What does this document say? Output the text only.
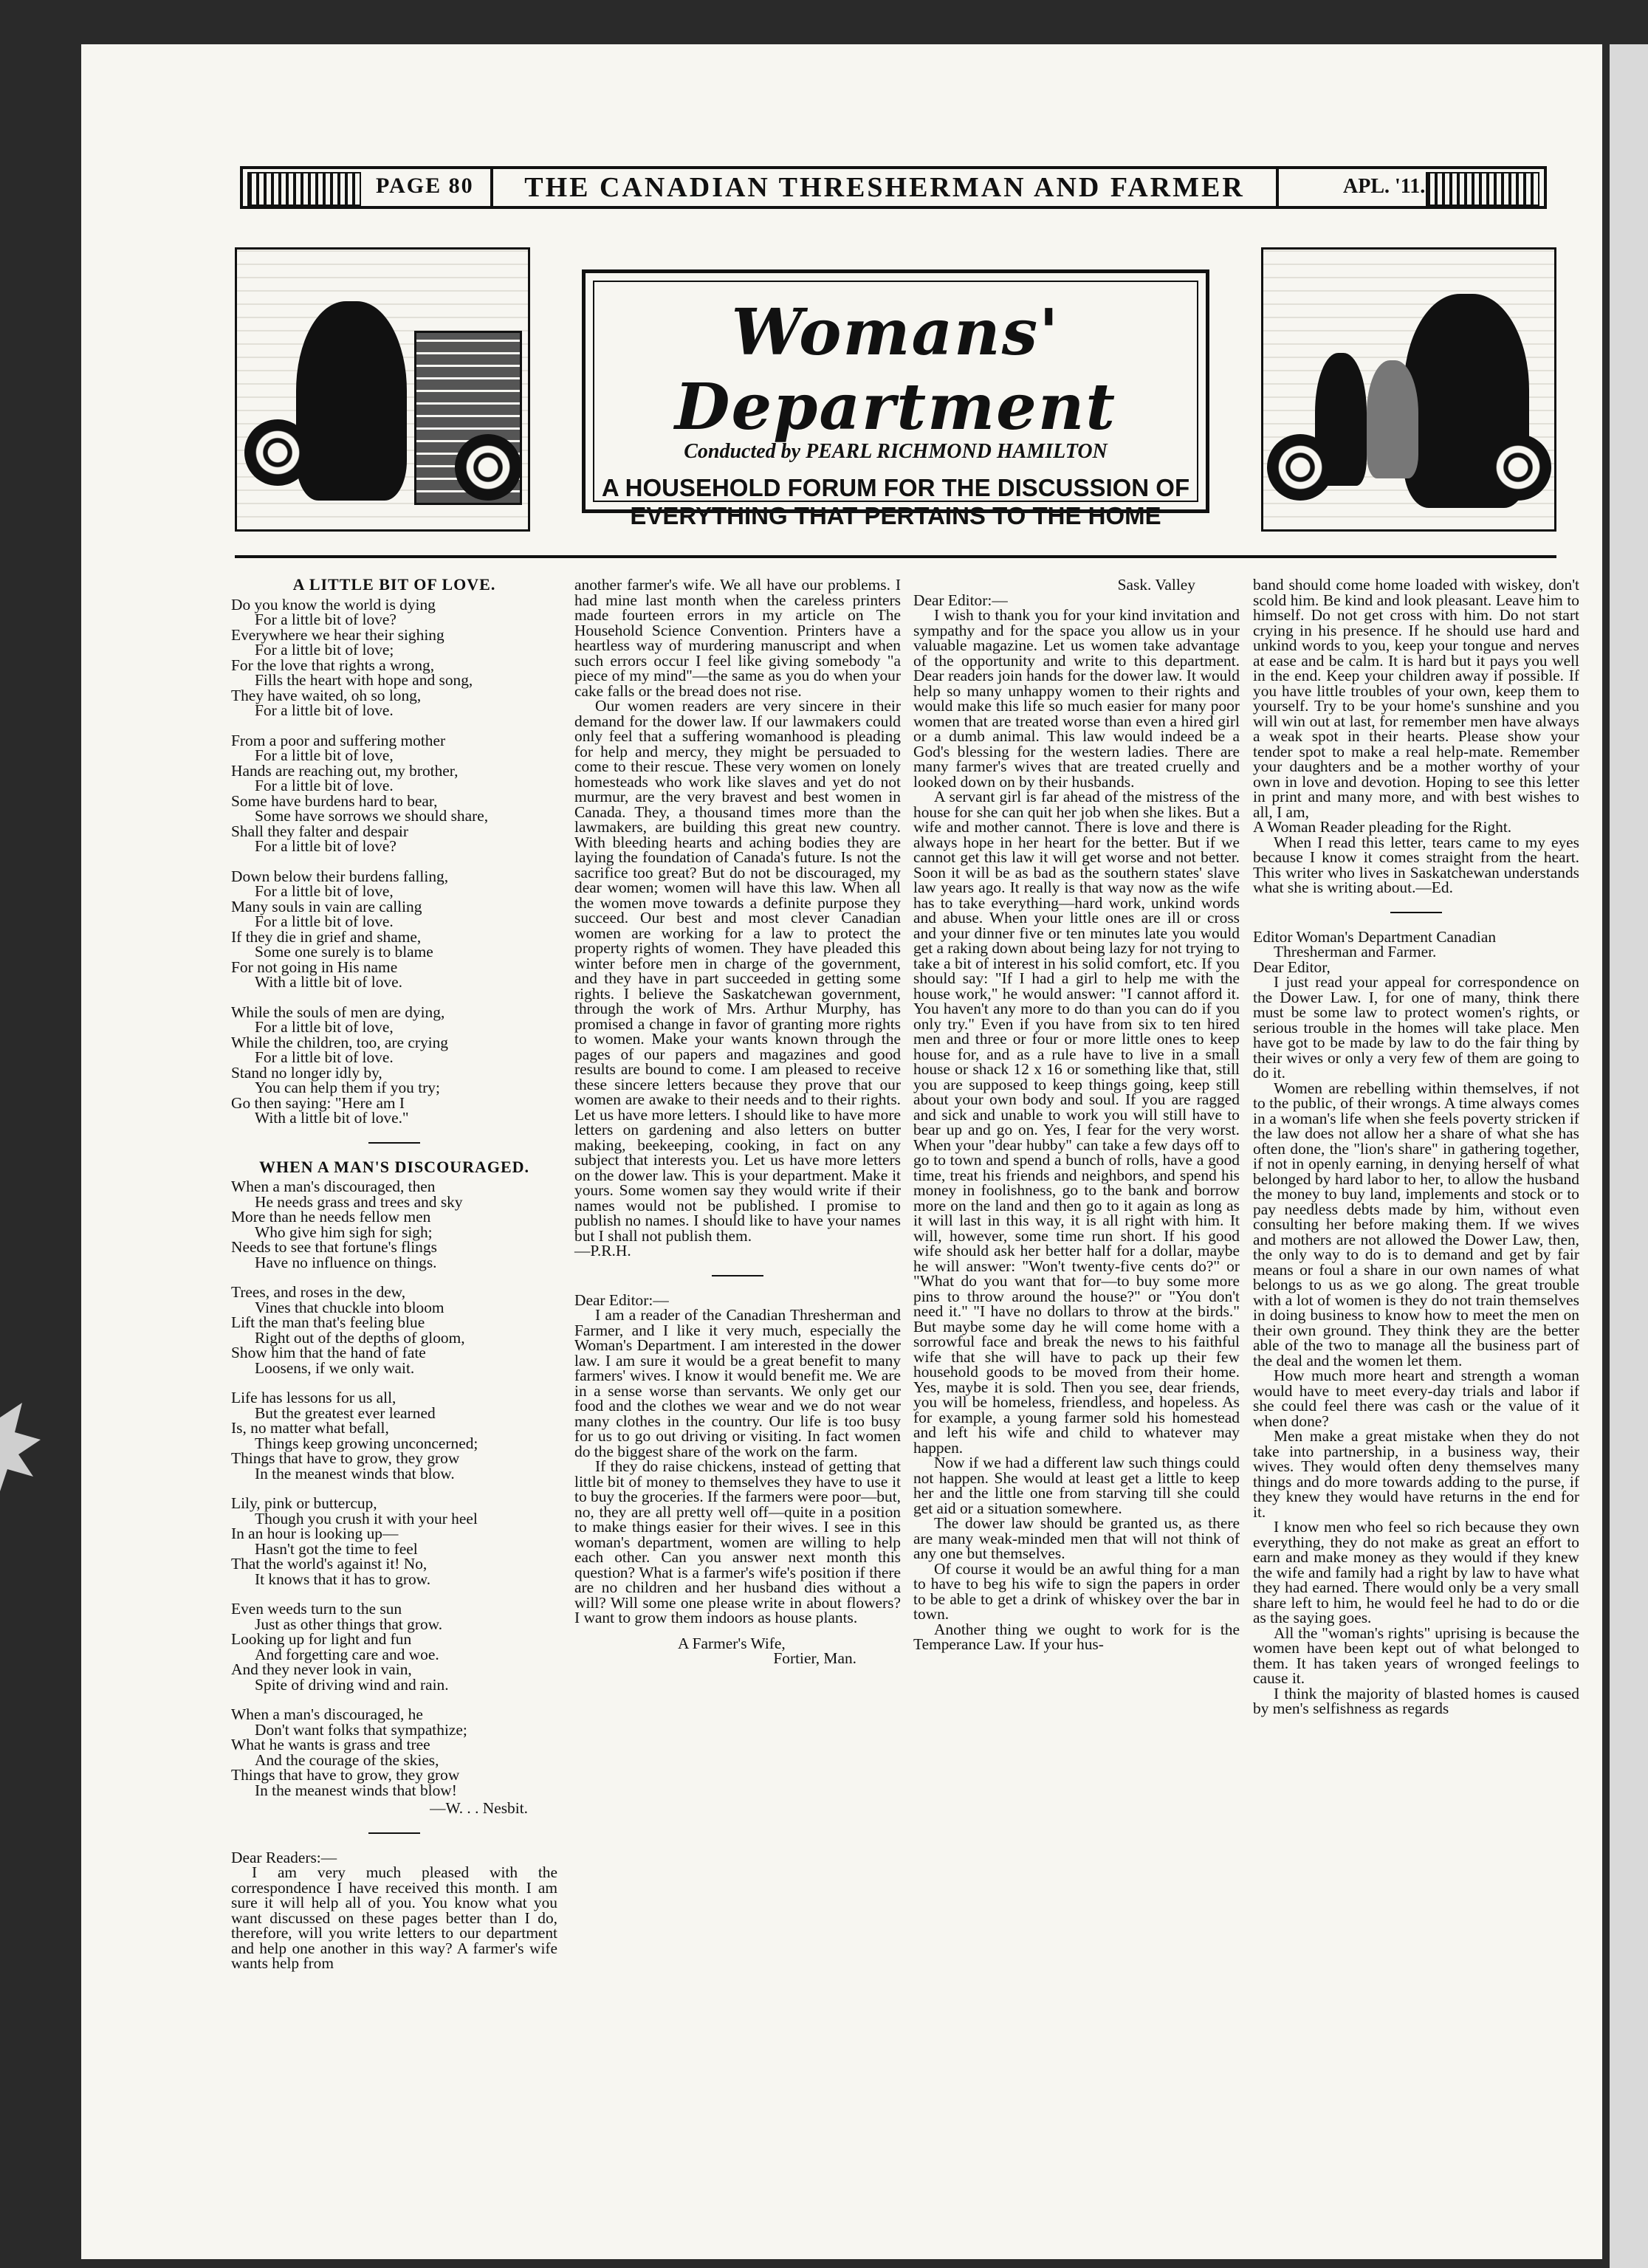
PAGE 80	THE CANADIAN THRESHERMAN AND FARMER	APL. '11.
Womans' Department
Conducted by PEARL RICHMOND HAMILTON
A HOUSEHOLD FORUM FOR THE DISCUSSION OF
EVERYTHING THAT PERTAINS TO THE HOME
A LITTLE BIT OF LOVE.
Do you know the world is dying
For a little bit of love?
Everywhere we hear their sighing
For a little bit of love;
For the love that rights a wrong,
Fills the heart with hope and song,
They have waited, oh so long,
For a little bit of love.
From a poor and suffering mother
For a little bit of love,
Hands are reaching out, my brother,
For a little bit of love.
Some have burdens hard to bear,
Some have sorrows we should share,
Shall they falter and despair
For a little bit of love?
Down below their burdens falling,
For a little bit of love,
Many souls in vain are calling
For a little bit of love.
If they die in grief and shame,
Some one surely is to blame
For not going in His name
With a little bit of love.
While the souls of men are dying,
For a little bit of love,
While the children, too, are crying
For a little bit of love.
Stand no longer idly by,
You can help them if you try;
Go then saying: "Here am I
With a little bit of love."
WHEN A MAN'S DISCOURAGED.
When a man's discouraged, then
He needs grass and trees and sky
More than he needs fellow men
Who give him sigh for sigh;
Needs to see that fortune's flings
Have no influence on things.
Trees, and roses in the dew,
Vines that chuckle into bloom
Lift the man that's feeling blue
Right out of the depths of gloom,
Show him that the hand of fate
Loosens, if we only wait.
Life has lessons for us all,
But the greatest ever learned
Is, no matter what befall,
Things keep growing unconcerned;
Things that have to grow, they grow
In the meanest winds that blow.
Lily, pink or buttercup,
Though you crush it with your heel
In an hour is looking up—
Hasn't got the time to feel
That the world's against it! No,
It knows that it has to grow.
Even weeds turn to the sun
Just as other things that grow.
Looking up for light and fun
And forgetting care and woe.
And they never look in vain,
Spite of driving wind and rain.
When a man's discouraged, he
Don't want folks that sympathize;
What he wants is grass and tree
And the courage of the skies,
Things that have to grow, they grow
In the meanest winds that blow!
—W. . . Nesbit.

Dear Readers:—

I am very much pleased with the correspondence I have received this month. I am sure it will help all of you. You know what you want discussed on these pages better than I do, therefore, will you write letters to our department and help one another in this way? A farmer's wife wants help from

another farmer's wife. We all have our problems. I had mine last month when the careless printers made fourteen errors in my article on The Household Science Convention. Printers have a heartless way of murdering manuscript and when such errors occur I feel like giving somebody "a piece of my mind"—the same as you do when your cake falls or the bread does not rise.

Our women readers are very sincere in their demand for the dower law. If our lawmakers could only feel that a suffering womanhood is pleading for help and mercy, they might be persuaded to come to their rescue. These very women on lonely homesteads who work like slaves and yet do not murmur, are the very bravest and best women in Canada. They, a thousand times more than the lawmakers, are building this great new country. With bleeding hearts and aching bodies they are laying the foundation of Canada's future. Is not the sacrifice too great? But do not be discouraged, my dear women; women will have this law. When all the women move towards a definite purpose they succeed. Our best and most clever Canadian women are working for a law to protect the property rights of women. They have pleaded this winter before men in charge of the government, and they have in part succeeded in getting some rights. I believe the Saskatchewan government, through the work of Mrs. Arthur Murphy, has promised a change in favor of granting more rights to women. Make your wants known through the pages of our papers and magazines and good results are bound to come. I am pleased to receive these sincere letters because they prove that our women are awake to their needs and to their rights. Let us have more letters. I should like to have more letters on gardening and also letters on butter making, beekeeping, cooking, in fact on any subject that interests you. Let us have more letters on the dower law. This is your department. Make it yours. Some women say they would write if their names would not be published. I promise to publish no names. I should like to have your names but I shall not publish them.

—P.R.H.

Dear Editor:—

I am a reader of the Canadian Thresherman and Farmer, and I like it very much, especially the Woman's Department. I am interested in the dower law. I am sure it would be a great benefit to many farmers' wives. I know it would benefit me. We are in a sense worse than servants. We only get our food and the clothes we wear and we do not wear many clothes in the country. Our life is too busy for us to go out driving or visiting. In fact women do the biggest share of the work on the farm.

If they do raise chickens, instead of getting that little bit of money to themselves they have to use it to buy the groceries. If the farmers were poor—but, no, they are all pretty well off—quite in a position to make things easier for their wives. I see in this woman's department, women are willing to help each other. Can you answer next month this question? What is a farmer's wife's position if there are no children and her husband dies without a will? Will some one please write in about flowers? I want to grow them indoors as house plants.

A Farmer's Wife,

Fortier, Man.

Sask. Valley

Dear Editor:—

I wish to thank you for your kind invitation and sympathy and for the space you allow us in your valuable magazine. Let us women take advantage of the opportunity and write to this department. Dear readers join hands for the dower law. It would help so many unhappy women to their rights and would make this life so much easier for many poor women that are treated worse than even a hired girl or a dumb animal. This law would indeed be a God's blessing for the western ladies. There are many farmer's wives that are treated cruelly and looked down on by their husbands.

A servant girl is far ahead of the mistress of the house for she can quit her job when she likes. But a wife and mother cannot. There is love and there is always hope in her heart for the better. But if we cannot get this law it will get worse and not better. Soon it will be as bad as the southern states' slave law years ago. It really is that way now as the wife has to take everything—hard work, unkind words and abuse. When your little ones are ill or cross and your dinner five or ten minutes late you would get a raking down about being lazy for not trying to take a bit of interest in his solid comfort, etc. If you should say: "If I had a girl to help me with the house work," he would answer: "I cannot afford it. You haven't any more to do than you can do if you only try." Even if you have from six to ten hired men and three or four or more little ones to keep house for, and as a rule have to live in a small house or shack 12 x 16 or something like that, still you are supposed to keep things going, keep still about your own body and soul. If you are ragged and sick and unable to work you will still have to bear up and go on. Yes, I fear for the very worst. When your "dear hubby" can take a few days off to go to town and spend a bunch of rolls, have a good time, treat his friends and neighbors, and spend his money in foolishness, go to the bank and borrow more on the land and then go to it again as long as it will last in this way, it is all right with him. It will, however, some time run short. If his good wife should ask her better half for a dollar, maybe he will answer: "Won't twenty-five cents do?" or "What do you want that for—to buy some more pins to throw around the house?" or "You don't need it." "I have no dollars to throw at the birds." But maybe some day he will come home with a sorrowful face and break the news to his faithful wife that she will have to pack up their few household goods to be moved from their home. Yes, maybe it is sold. Then you see, dear friends, you will be homeless, friendless, and hopeless. As for example, a young farmer sold his homestead and left his wife and child to whatever may happen.

Now if we had a different law such things could not happen. She would at least get a little to keep her and the little one from starving till she could get aid or a situation somewhere.

The dower law should be granted us, as there are many weak-minded men that will not think of any one but themselves.

Of course it would be an awful thing for a man to have to beg his wife to sign the papers in order to be able to get a drink of whiskey over the bar in town.

Another thing we ought to work for is the Temperance Law. If your hus-

band should come home loaded with wiskey, don't scold him. Be kind and look pleasant. Leave him to himself. Do not get cross with him. Do not start crying in his presence. If he should use hard and unkind words to you, keep your tongue and nerves at ease and be calm. It is hard but it pays you well in the end. Keep your children away if possible. If you have little troubles of your own, keep them to yourself. Try to be your home's sunshine and you will win out at last, for remember men have always a weak spot in their hearts. Please show your tender spot to make a real help-mate. Remember your daughters and be a mother worthy of your own in love and devotion. Hoping to see this letter in print and many more, and with best wishes to all, I am,

A Woman Reader pleading for the Right.

When I read this letter, tears came to my eyes because I know it comes straight from the heart. This writer who lives in Saskatchewan understands what she is writing about.—Ed.

Editor Woman's Department Canadian

Thresherman and Farmer.

Dear Editor,

I just read your appeal for correspondence on the Dower Law. I, for one of many, think there must be some law to protect women's rights, or serious trouble in the homes will take place. Men have got to be made by law to do the fair thing by their wives or only a very few of them are going to do it.

Women are rebelling within themselves, if not to the public, of their wrongs. A time always comes in a woman's life when she feels poverty stricken if the law does not allow her a share of what she has often done, the "lion's share" in gathering together, if not in openly earning, in denying herself of what belonged by hard labor to her, to allow the husband the money to buy land, implements and stock or to pay needless debts made by him, without even consulting her before making them. If we wives and mothers are not allowed the Dower Law, then, the only way to do is to demand and get by fair means or foul a share in our own names of what belongs to us as we go along. The great trouble with a lot of women is they do not train themselves in doing business to know how to meet the men on their own ground. They think they are the better able of the two to manage all the business part of the deal and the women let them.

How much more heart and strength a woman would have to meet every-day trials and labor if she could feel there was cash or the value of it when done?

Men make a great mistake when they do not take into partnership, in a business way, their wives. They would often deny themselves many things and do more towards adding to the purse, if they knew they would have returns in the end for it.

I know men who feel so rich because they own everything, they do not make as great an effort to earn and make money as they would if they knew the wife and family had a right by law to have what they had earned. There would only be a very small share left to him, he would feel he had to do or die as the saying goes.

All the "woman's rights" uprising is because the women have been kept out of what belonged to them. It has taken years of wronged feelings to cause it.

I think the majority of blasted homes is caused by men's selfishness as regards
